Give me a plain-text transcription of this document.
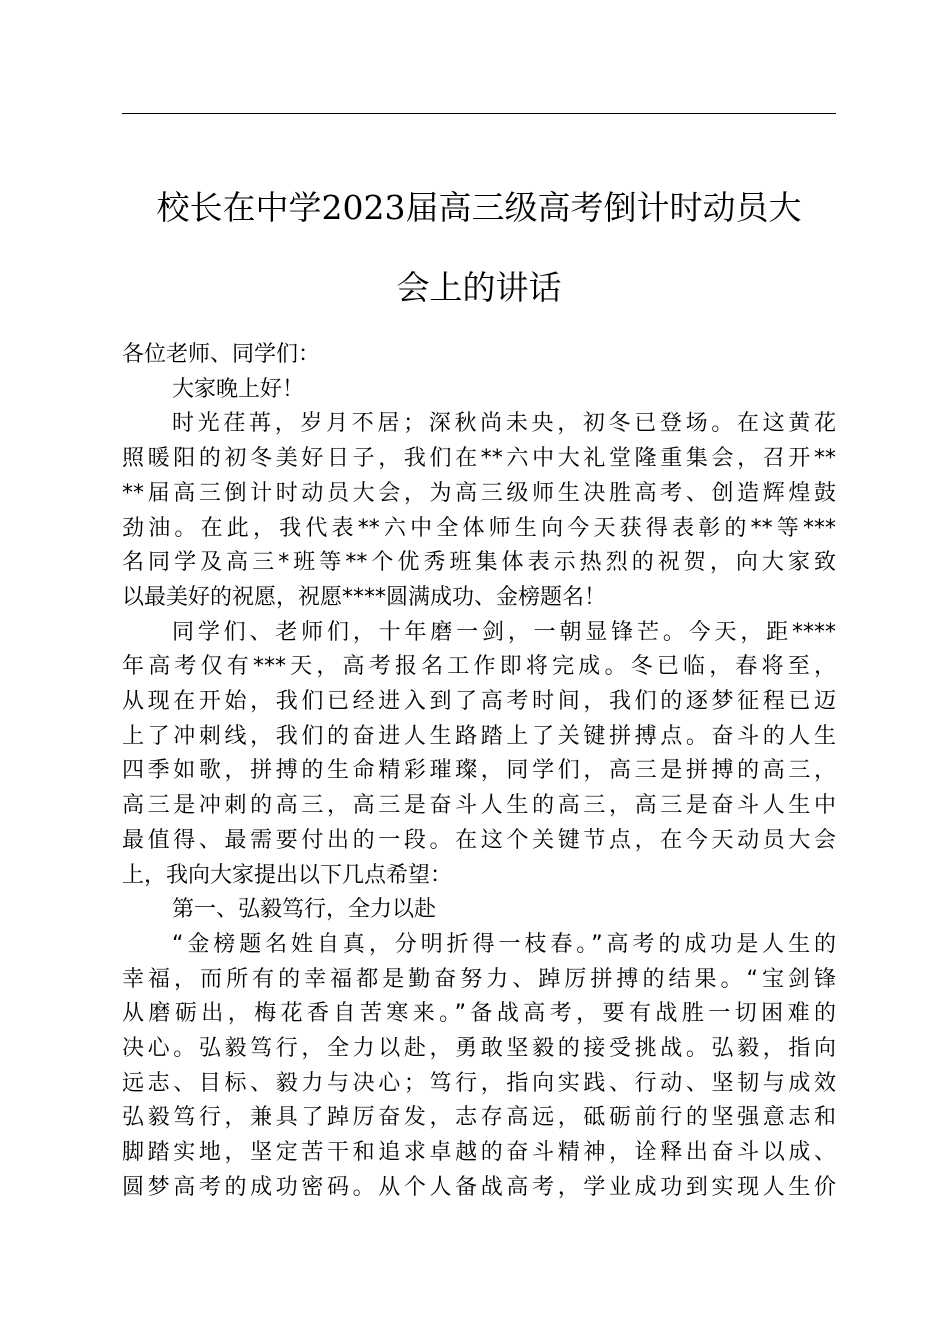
校长在中学2023届高三级高考倒计时动员大
会上的讲话

各位老师、同学们：

大家晚上好！

时光荏苒，岁月不居；深秋尚未央，初冬已登场。在这黄花

照暖阳的初冬美好日子，我们在**六中大礼堂隆重集会，召开**

**届高三倒计时动员大会，为高三级师生决胜高考、创造辉煌鼓

劲油。在此，我代表**六中全体师生向今天获得表彰的**等***

名同学及高三*班等**个优秀班集体表示热烈的祝贺，向大家致

以最美好的祝愿，祝愿****圆满成功、金榜题名！

同学们、老师们，十年磨一剑，一朝显锋芒。今天，距****

年高考仅有***天，高考报名工作即将完成。冬已临，春将至，

从现在开始，我们已经进入到了高考时间，我们的逐梦征程已迈

上了冲刺线，我们的奋进人生路踏上了关键拼搏点。奋斗的人生

四季如歌，拼搏的生命精彩璀璨，同学们，高三是拼搏的高三，

高三是冲刺的高三，高三是奋斗人生的高三，高三是奋斗人生中

最值得、最需要付出的一段。在这个关键节点，在今天动员大会

上，我向大家提出以下几点希望：

第一、弘毅笃行，全力以赴

“金榜题名姓自真，分明折得一枝春。”高考的成功是人生的

幸福，而所有的幸福都是勤奋努力、踔厉拼搏的结果。“宝剑锋

从磨砺出，梅花香自苦寒来。”备战高考，要有战胜一切困难的

决心。弘毅笃行，全力以赴，勇敢坚毅的接受挑战。弘毅，指向

远志、目标、毅力与决心；笃行，指向实践、行动、坚韧与成效

弘毅笃行，兼具了踔厉奋发，志存高远，砥砺前行的坚强意志和

脚踏实地，坚定苦干和追求卓越的奋斗精神，诠释出奋斗以成、

圆梦高考的成功密码。从个人备战高考，学业成功到实现人生价
